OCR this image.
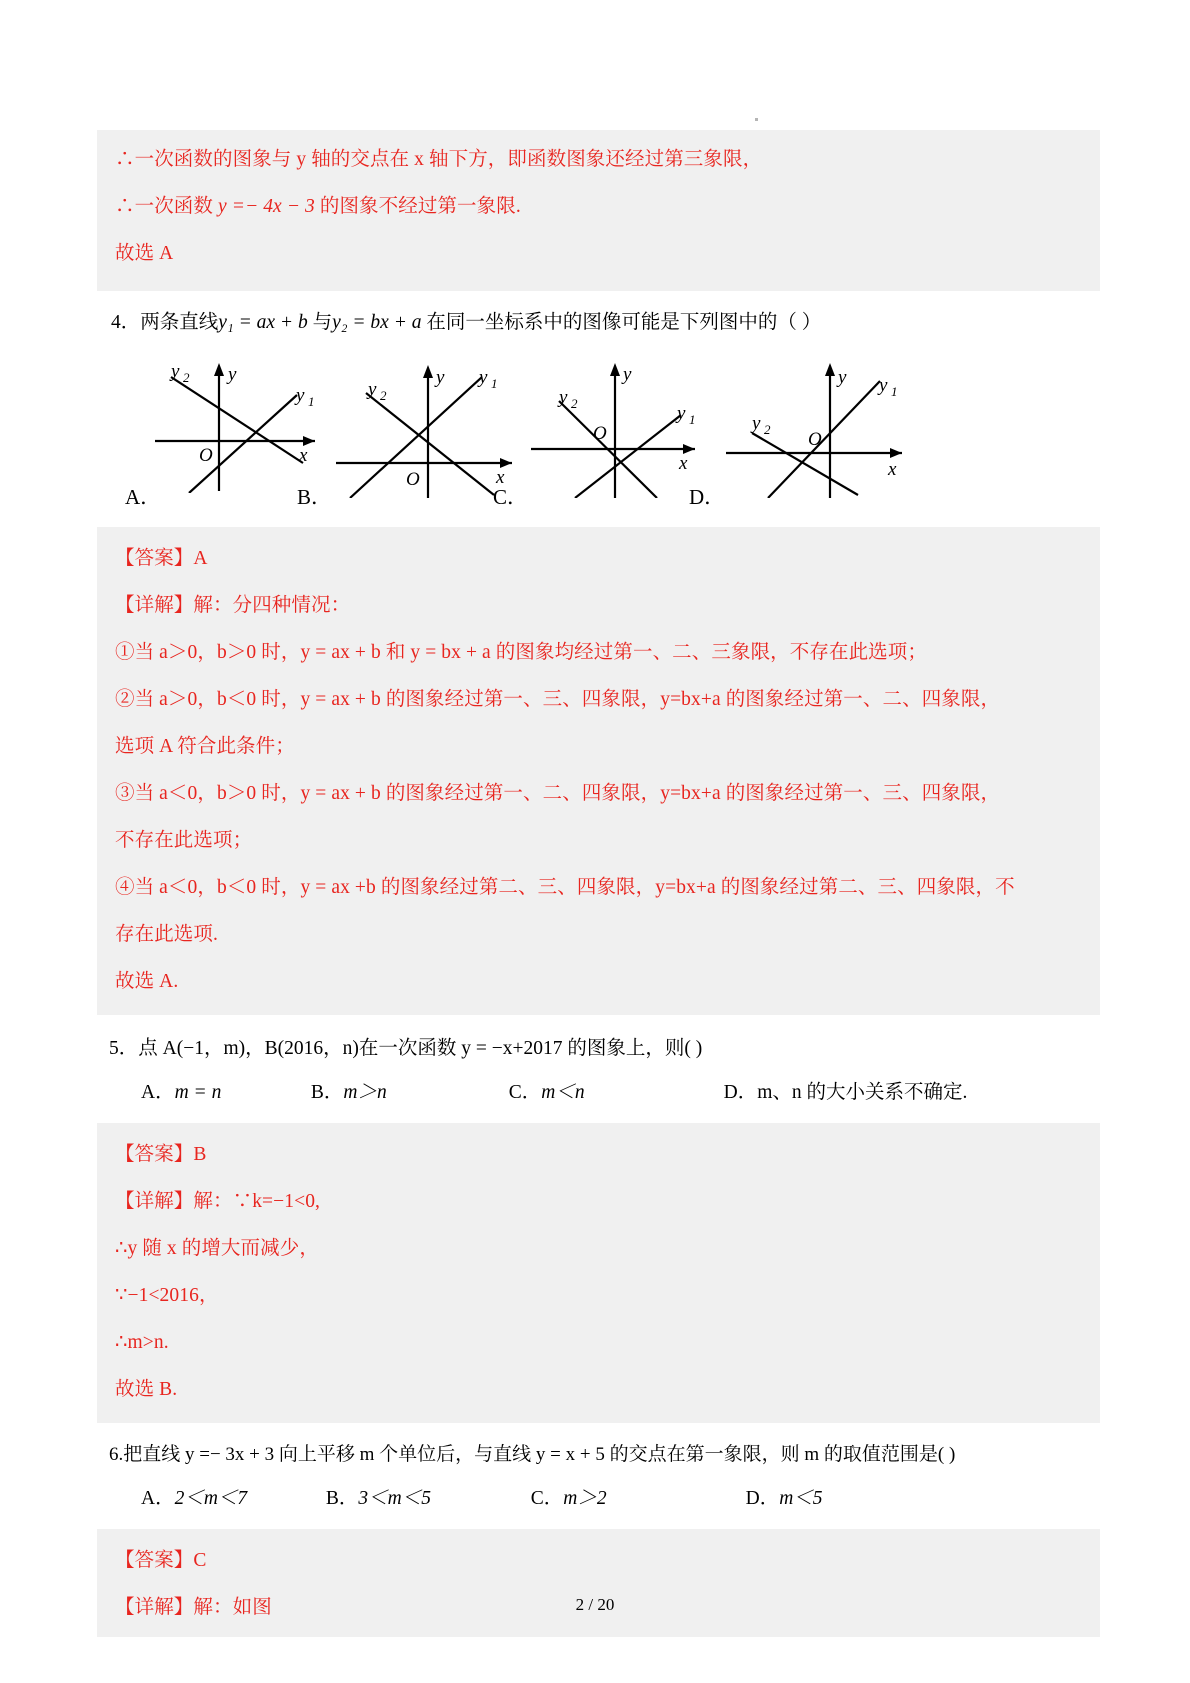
∴一次函数的图象与 y 轴的交点在 x 轴下方，即函数图象还经过第三象限，
∴一次函数 y =− 4x − 3 的图象不经过第一象限.
故选 A
4．两条直线y₁ = ax + b 与y₂ = bx + a 在同一坐标系中的图像可能是下列图中的（ ）
y 2 y
y 1
O	x
y 2
y y 1
O	x
y 2
y
y 1
O
x
y 2
y y 1
O
x
A．	B．	C．	D．
【答案】A
【详解】解：分四种情况：
①当 a＞0，b＞0 时，y = ax + b 和 y = bx + a 的图象均经过第一、二、三象限，不存在此选项；
②当 a＞0，b＜0 时，y = ax + b 的图象经过第一、三、四象限，y=bx+a 的图象经过第一、二、四象限，
选项 A 符合此条件；
③当 a＜0，b＞0 时，y = ax + b 的图象经过第一、二、四象限，y=bx+a 的图象经过第一、三、四象限，
不存在此选项；
④当 a＜0，b＜0 时，y = ax +b 的图象经过第二、三、四象限，y=bx+a 的图象经过第二、三、四象限，不
存在此选项.
故选 A.
5．点 A(−1，m)，B(2016，n)在一次函数 y = −x+2017 的图象上，则( )
A．m = n	B．m＞n	C．m＜n	D．m、n 的大小关系不确定.
【答案】B
【详解】解：∵k=−1<0,
∴y 随 x 的增大而减少，
∵−1<2016，
∴m>n.
故选 B.
6.把直线 y =− 3x + 3 向上平移 m 个单位后，与直线 y = x + 5 的交点在第一象限，则 m 的取值范围是( )
A．2＜m＜7	B．3＜m＜5	C．m＞2	D．m＜5
【答案】C
【详解】解：如图	2 / 20
